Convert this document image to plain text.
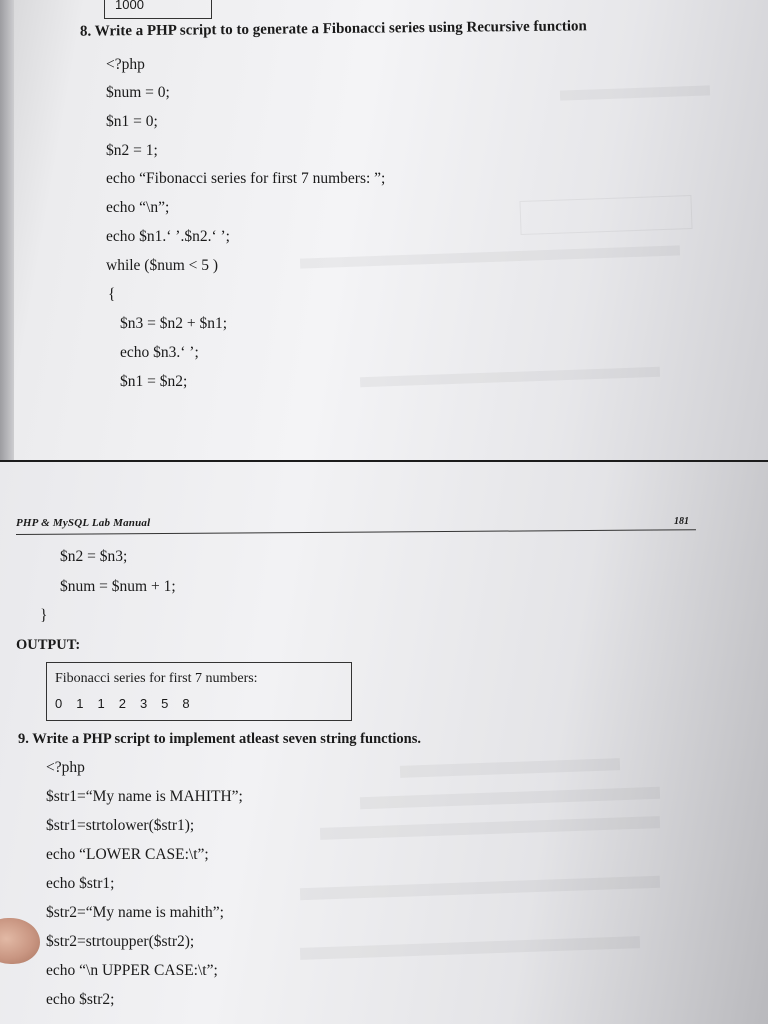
1000
8. Write a PHP script to to generate a Fibonacci series using Recursive function
<?php
$num = 0;
$n1 = 0;
$n2 = 1;
echo “Fibonacci series for first 7 numbers: ”;
echo “\n”;
echo $n1.‘ ’.$n2.‘ ’;
while ($num < 5 )
{
$n3 = $n2 + $n1;
echo $n3.‘ ’;
$n1 = $n2;
PHP & MySQL Lab Manual	181
$n2 = $n3;
$num = $num + 1;
}
OUTPUT:
Fibonacci series for first 7 numbers:
0 1 1 2 3 5 8
9. Write a PHP script to implement atleast seven string functions.
<?php
$str1=“My name is MAHITH”;
$str1=strtolower($str1);
echo “LOWER CASE:\t”;
echo $str1;
$str2=“My name is mahith”;
$str2=strtoupper($str2);
echo “\n UPPER CASE:\t”;
echo $str2;
